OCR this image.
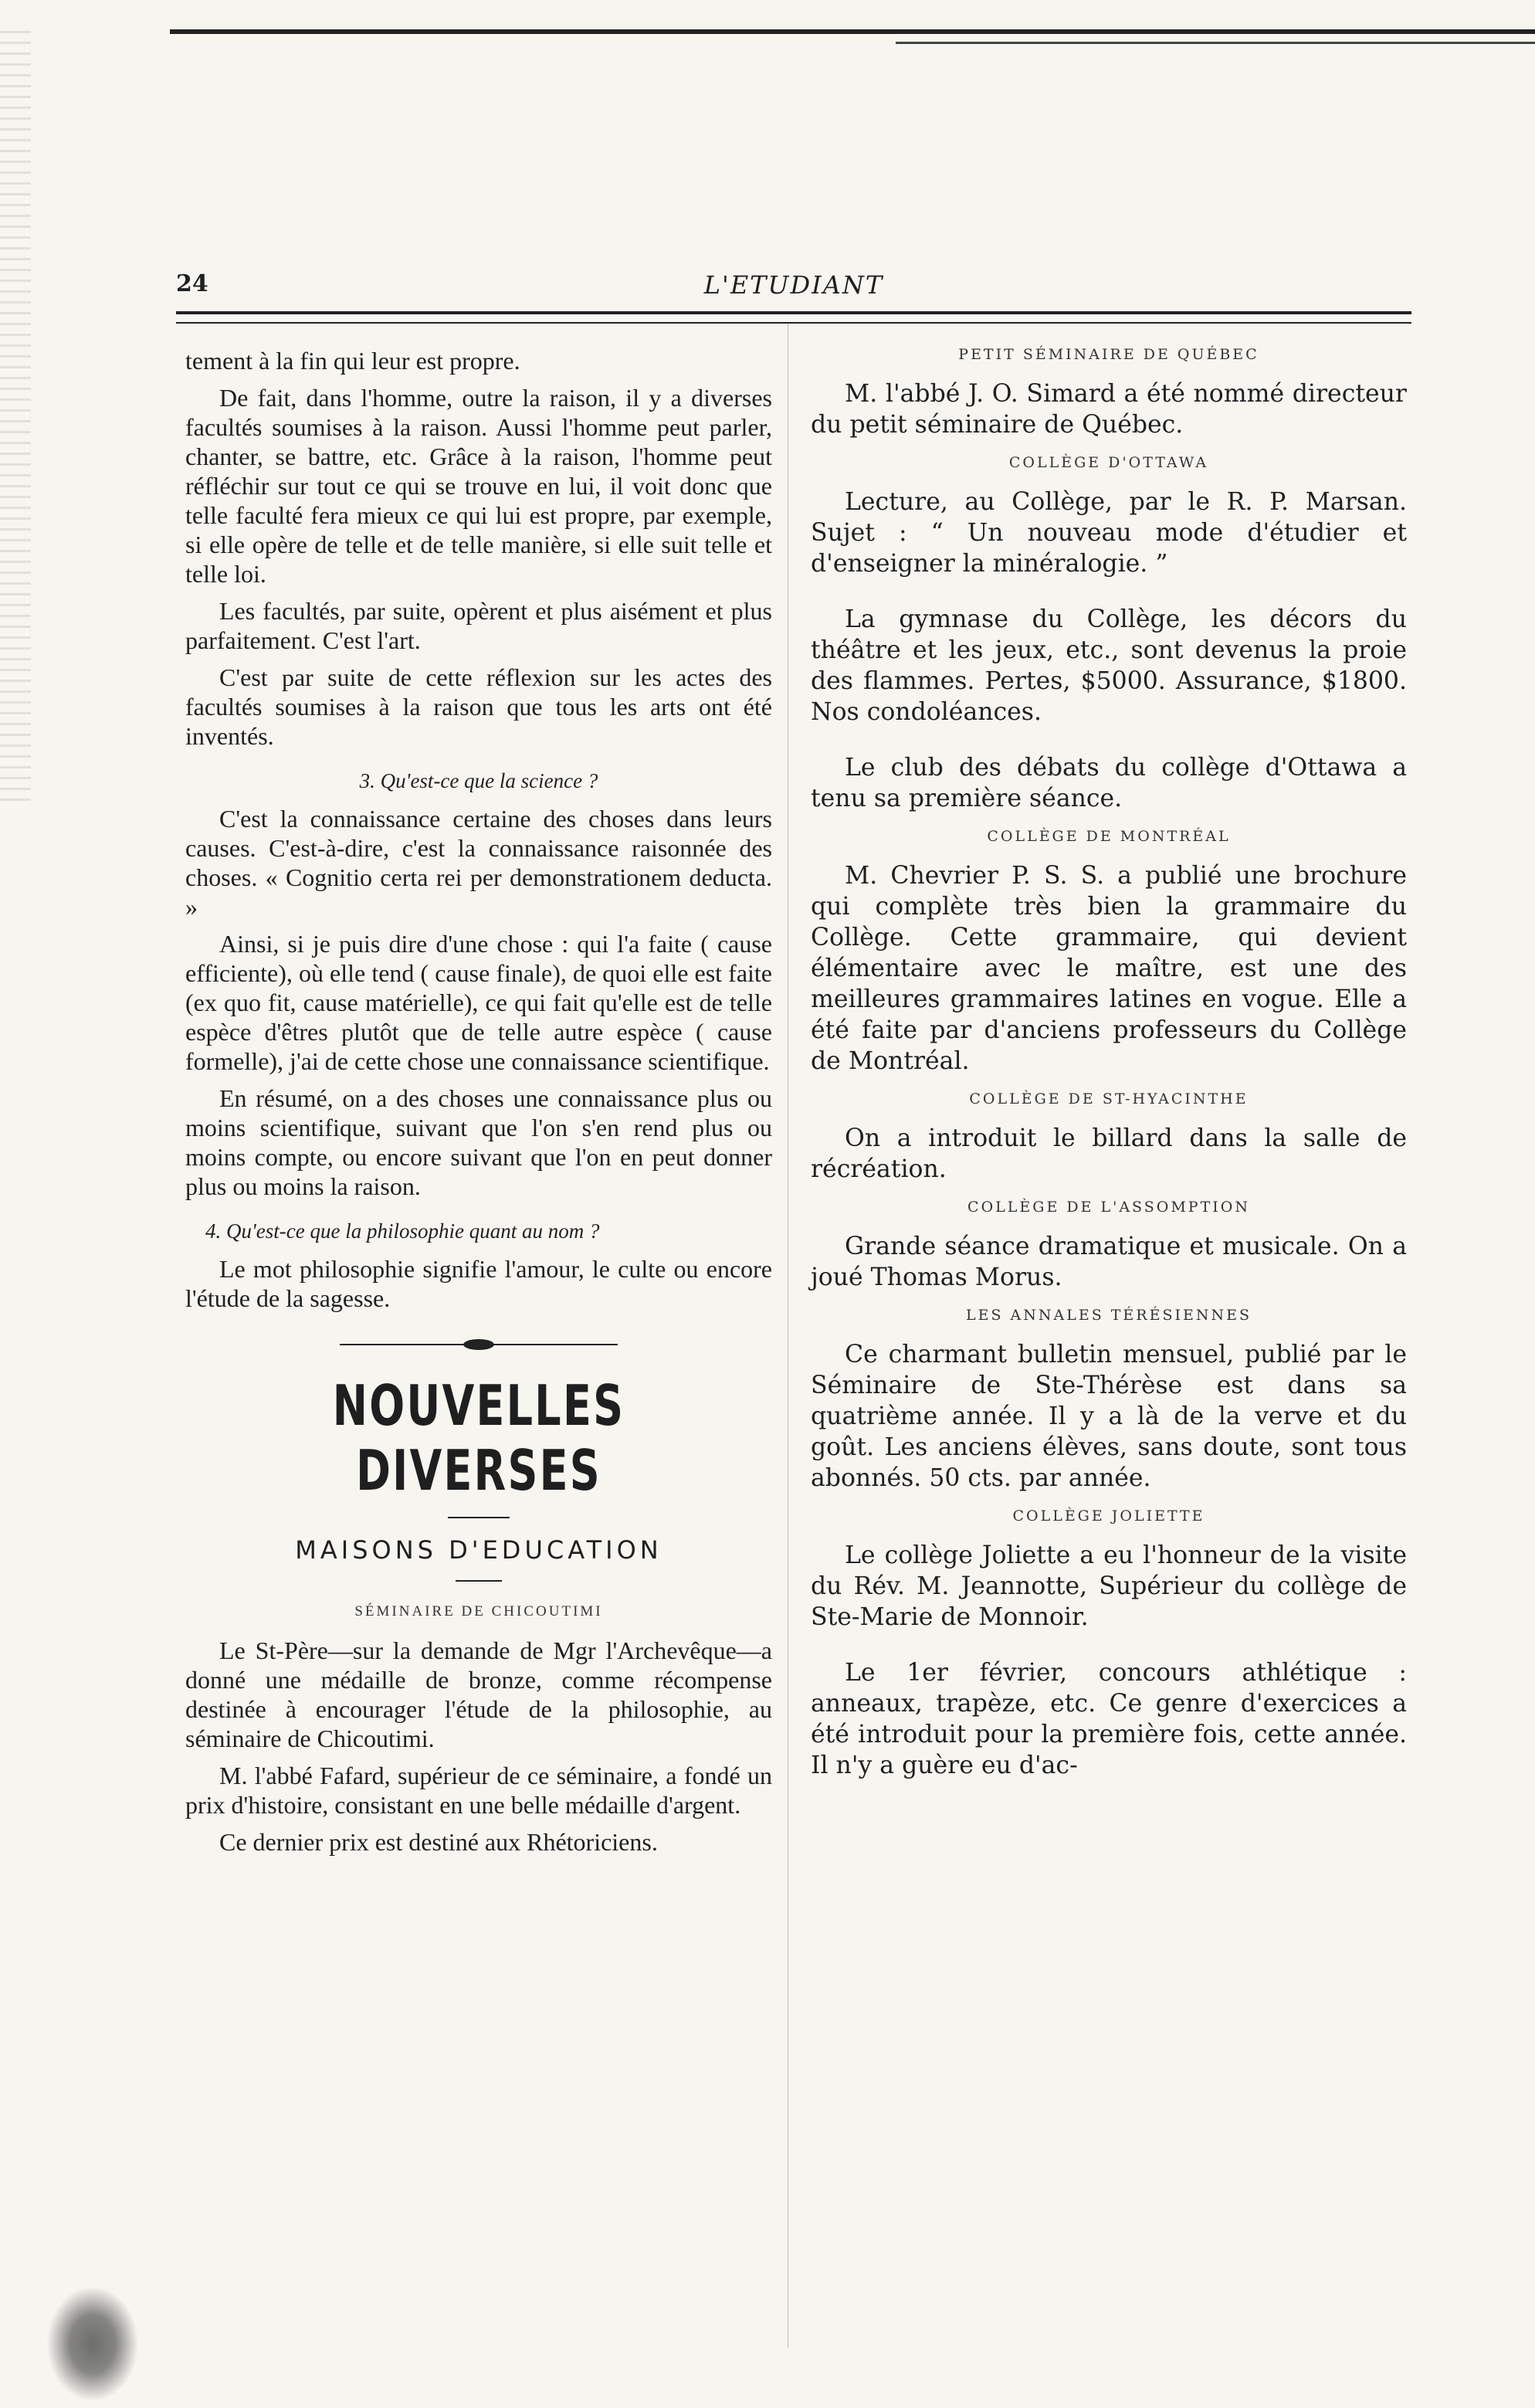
24	L'ETUDIANT

tement à la fin qui leur est propre.

De fait, dans l'homme, outre la raison, il y a diverses facultés soumises à la raison. Aussi l'homme peut parler, chanter, se battre, etc. Grâce à la raison, l'homme peut réfléchir sur tout ce qui se trouve en lui, il voit donc que telle faculté fera mieux ce qui lui est propre, par exemple, si elle opère de telle et de telle manière, si elle suit telle et telle loi.

Les facultés, par suite, opèrent et plus aisément et plus parfaitement. C'est l'art.

C'est par suite de cette réflexion sur les actes des facultés soumises à la raison que tous les arts ont été inventés.

3. Qu'est-ce que la science ?

C'est la connaissance certaine des choses dans leurs causes. C'est-à-dire, c'est la connaissance raisonnée des choses. « Cognitio certa rei per demonstrationem deducta. »

Ainsi, si je puis dire d'une chose : qui l'a faite ( cause efficiente), où elle tend ( cause finale), de quoi elle est faite (ex quo fit, cause matérielle), ce qui fait qu'elle est de telle espèce d'êtres plutôt que de telle autre espèce ( cause formelle), j'ai de cette chose une connaissance scientifique.

En résumé, on a des choses une connaissance plus ou moins scientifique, suivant que l'on s'en rend plus ou moins compte, ou encore suivant que l'on en peut donner plus ou moins la raison.

4. Qu'est-ce que la philosophie quant au nom ?

Le mot philosophie signifie l'amour, le culte ou encore l'étude de la sagesse.

NOUVELLES DIVERSES
MAISONS D'EDUCATION
SÉMINAIRE DE CHICOUTIMI

Le St-Père—sur la demande de Mgr l'Archevêque—a donné une médaille de bronze, comme récompense destinée à encourager l'étude de la philosophie, au séminaire de Chicoutimi.

M. l'abbé Fafard, supérieur de ce séminaire, a fondé un prix d'histoire, consistant en une belle médaille d'argent.

Ce dernier prix est destiné aux Rhétoriciens.

PETIT SÉMINAIRE DE QUÉBEC

M. l'abbé J. O. Simard a été nommé directeur du petit séminaire de Québec.

COLLÈGE D'OTTAWA

Lecture, au Collège, par le R. P. Marsan. Sujet : “ Un nouveau mode d'étudier et d'enseigner la minéralogie. ”

La gymnase du Collège, les décors du théâtre et les jeux, etc., sont devenus la proie des flammes. Pertes, $5000. Assurance, $1800. Nos condoléances.

Le club des débats du collège d'Ottawa a tenu sa première séance.

COLLÈGE DE MONTRÉAL

M. Chevrier P. S. S. a publié une brochure qui complète très bien la grammaire du Collège. Cette grammaire, qui devient élémentaire avec le maître, est une des meilleures grammaires latines en vogue. Elle a été faite par d'anciens professeurs du Collège de Montréal.

COLLÈGE DE ST-HYACINTHE

On a introduit le billard dans la salle de récréation.

COLLÈGE DE L'ASSOMPTION

Grande séance dramatique et musicale. On a joué Thomas Morus.

LES ANNALES TÉRÉSIENNES

Ce charmant bulletin mensuel, publié par le Séminaire de Ste-Thérèse est dans sa quatrième année. Il y a là de la verve et du goût. Les anciens élèves, sans doute, sont tous abonnés. 50 cts. par année.

COLLÈGE JOLIETTE

Le collège Joliette a eu l'honneur de la visite du Rév. M. Jeannotte, Supérieur du collège de Ste-Marie de Monnoir.

Le 1er février, concours athlétique : anneaux, trapèze, etc. Ce genre d'exercices a été introduit pour la première fois, cette année. Il n'y a guère eu d'ac-
